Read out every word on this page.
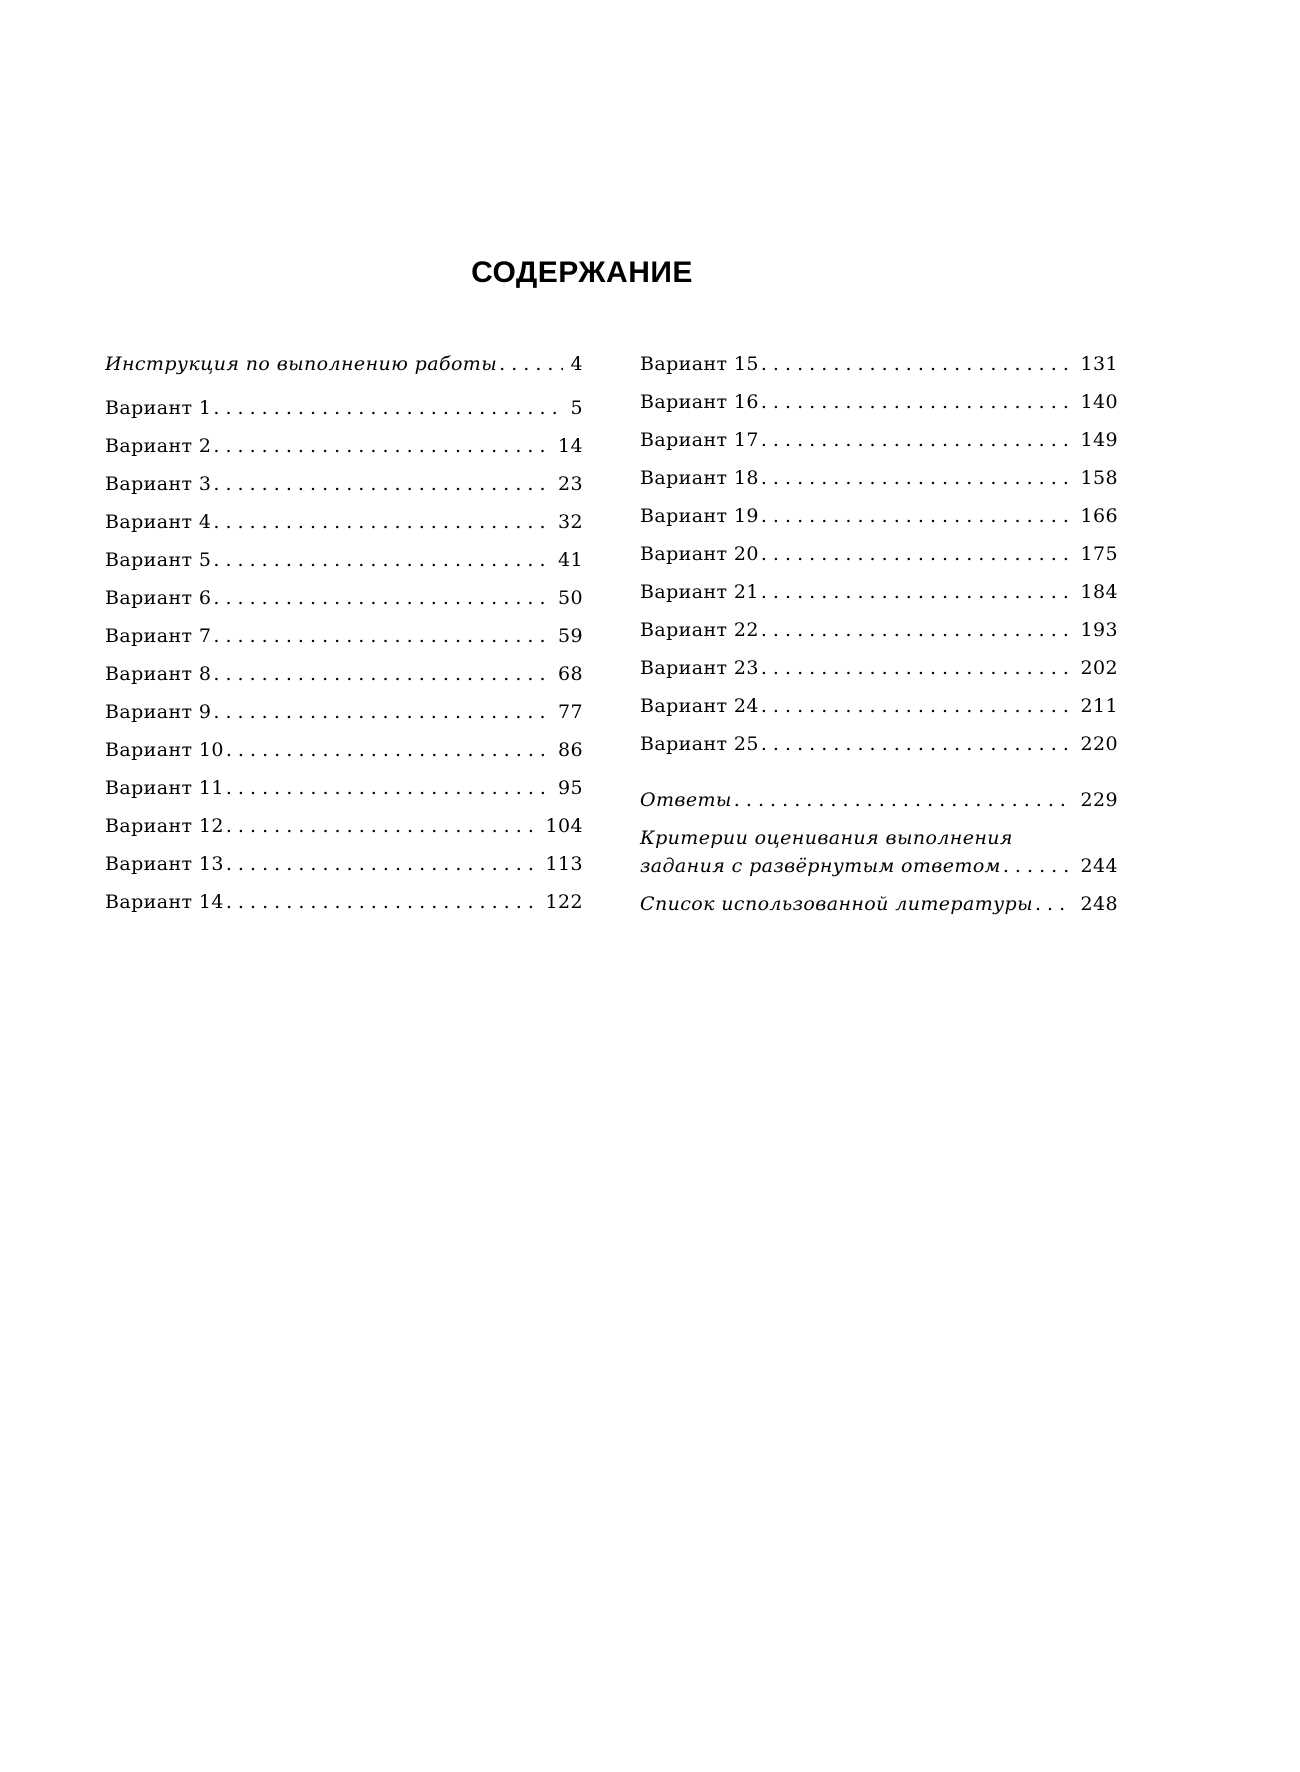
СОДЕРЖАНИЕ
Инструкция по выполнению работы . . .	4
Вариант 1 . . .	5
Вариант 2 . . .	14
Вариант 3 . . .	23
Вариант 4 . . .	32
Вариант 5 . . .	41
Вариант 6 . . .	50
Вариант 7 . . .	59
Вариант 8 . . .	68
Вариант 9 . . .	77
Вариант 10 . . .	86
Вариант 11 . . .	95
Вариант 12 . . .	104
Вариант 13 . . .	113
Вариант 14 . . .	122
Вариант 15 . . .	131
Вариант 16 . . .	140
Вариант 17 . . .	149
Вариант 18 . . .	158
Вариант 19 . . .	166
Вариант 20 . . .	175
Вариант 21 . . .	184
Вариант 22 . . .	193
Вариант 23 . . .	202
Вариант 24 . . .	211
Вариант 25 . . .	220
Ответы . . .	229
Критерии оценивания выполнения
задания с развёрнутым ответом . . .	244
Список использованной литературы . . .	248
